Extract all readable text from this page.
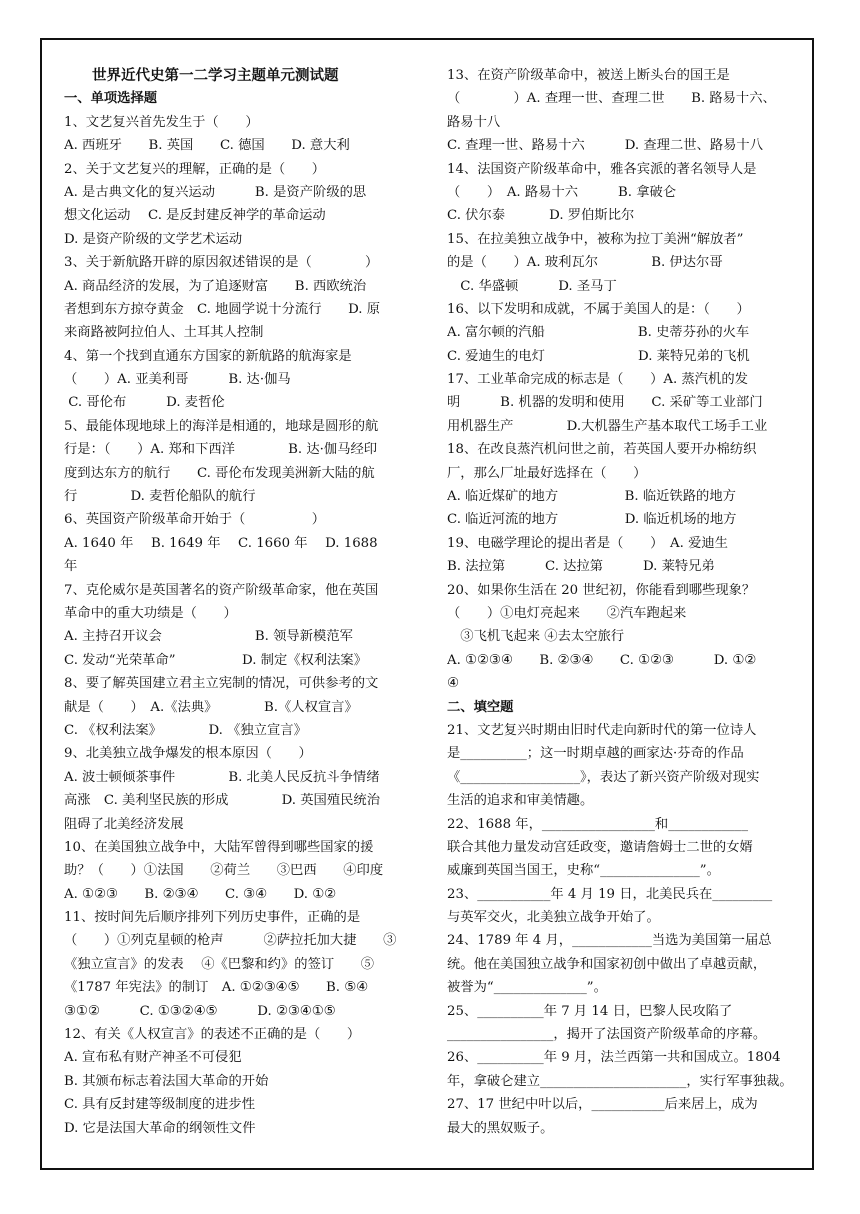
世界近代史第一二学习主题单元测试题
一、单项选择题
1、文艺复兴首先发生于（　　）
A. 西班牙　　B. 英国　　C. 德国　　D. 意大利
2、关于文艺复兴的理解，正确的是（　　）
A. 是古典文化的复兴运动　　　B. 是资产阶级的思
想文化运动　 C. 是反封建反神学的革命运动
D. 是资产阶级的文学艺术运动
3、关于新航路开辟的原因叙述错误的是（　　　　）
A. 商品经济的发展，为了追逐财富　　B. 西欧统治
者想到东方掠夺黄金　C. 地圆学说十分流行　　D. 原
来商路被阿拉伯人、土耳其人控制
4、第一个找到直通东方国家的新航路的航海家是
（　　）A. 亚美利哥　　　B. 达·伽马
C. 哥伦布　　　D. 麦哲伦
5、最能体现地球上的海洋是相通的，地球是圆形的航
行是：（　　）A. 郑和下西洋　　　　B. 达·伽马经印
度到达东方的航行　　C. 哥伦布发现美洲新大陆的航
行　　　　D. 麦哲伦船队的航行
6、英国资产阶级革命开始于（　　　　　）
A. 1640 年　 B. 1649 年　 C. 1660 年　 D. 1688
年
7、克伦威尔是英国著名的资产阶级革命家，他在英国
革命中的重大功绩是（　　）
A. 主持召开议会　　　　　　　B. 领导新模范军
C. 发动“光荣革命”　　　　　D. 制定《权利法案》
8、要了解英国建立君主立宪制的情况，可供参考的文
献是（　　）　A.《法典》　　　　B.《人权宣言》
C. 《权利法案》　　　　D. 《独立宣言》
9、北美独立战争爆发的根本原因（　　）
A. 波士顿倾茶事件　　　　B. 北美人民反抗斗争情绪
高涨　C. 美利坚民族的形成　　　　D. 英国殖民统治
阻碍了北美经济发展
10、在美国独立战争中，大陆军曾得到哪些国家的援
助？（　　）①法国　　②荷兰　　③巴西　　④印度
A. ①②③　　B. ②③④　　C. ③④　　D. ①②
11、按时间先后顺序排列下列历史事件，正确的是
（　　）①列克星顿的枪声　　　②萨拉托加大捷　　③
《独立宣言》的发表　 ④《巴黎和约》的签订　　⑤
《1787 年宪法》的制订　A. ①②③④⑤　　B. ⑤④
③①②　　　C. ①③②④⑤　　　D. ②③④①⑤
12、有关《人权宣言》的表述不正确的是（　　）
A. 宣布私有财产神圣不可侵犯
B. 其颁布标志着法国大革命的开始
C. 具有反封建等级制度的进步性
D. 它是法国大革命的纲领性文件
13、在资产阶级革命中，被送上断头台的国王是
（　　　　）A. 查理一世、查理二世　　B. 路易十六、
路易十八
C. 查理一世、路易十六　　　D. 查理二世、路易十八
14、法国资产阶级革命中，雅各宾派的著名领导人是
（　　）　A. 路易十六　　　B. 拿破仑
C. 伏尔泰　　　 D. 罗伯斯比尔
15、在拉美独立战争中，被称为拉丁美洲“解放者”
的是（　　）A. 玻利瓦尔　　　　B. 伊达尔哥
　C. 华盛顿　　　D. 圣马丁
16、以下发明和成就，不属于美国人的是：（　　）
A. 富尔顿的汽船　　　　　　　B. 史蒂芬孙的火车
C. 爱迪生的电灯　　　　　　　D. 莱特兄弟的飞机
17、工业革命完成的标志是（　　）A. 蒸汽机的发
明　　　B. 机器的发明和使用　　C. 采矿等工业部门
用机器生产　　　　D.大机器生产基本取代工场手工业
18、在改良蒸汽机问世之前，若英国人要开办棉纺织
厂，那么厂址最好选择在（　　）
A. 临近煤矿的地方　　　　　B. 临近铁路的地方
C. 临近河流的地方　　　　　D. 临近机场的地方
19、电磁学理论的提出者是（　　）　A. 爱迪生
B. 法拉第　　　C. 达拉第　　　D. 莱特兄弟
20、如果你生活在 20 世纪初，你能看到哪些现象？
（　　）①电灯亮起来　　②汽车跑起来
　③飞机飞起来 ④去太空旅行
A. ①②③④　　B. ②③④　　C. ①②③　　　D. ①②
④
二、填空题
21、文艺复兴时期由旧时代走向新时代的第一位诗人
是__________；这一时期卓越的画家达·芬奇的作品
《__________________》，表达了新兴资产阶级对现实
生活的追求和审美情趣。
22、1688 年，_________________和____________
联合其他力量发动宫廷政变，邀请詹姆士二世的女婿
威廉到英国当国王，史称“_______________”。
23、___________年 4 月 19 日，北美民兵在_________
与英军交火，北美独立战争开始了。
24、1789 年 4 月，____________当选为美国第一届总
统。他在美国独立战争和国家初创中做出了卓越贡献，
被誉为“______________”。
25、__________年 7 月 14 日，巴黎人民攻陷了
________________，揭开了法国资产阶级革命的序幕。
26、__________年 9 月，法兰西第一共和国成立。1804
年，拿破仑建立______________________，实行军事独裁。
27、17 世纪中叶以后，___________后来居上，成为
最大的黑奴贩子。
